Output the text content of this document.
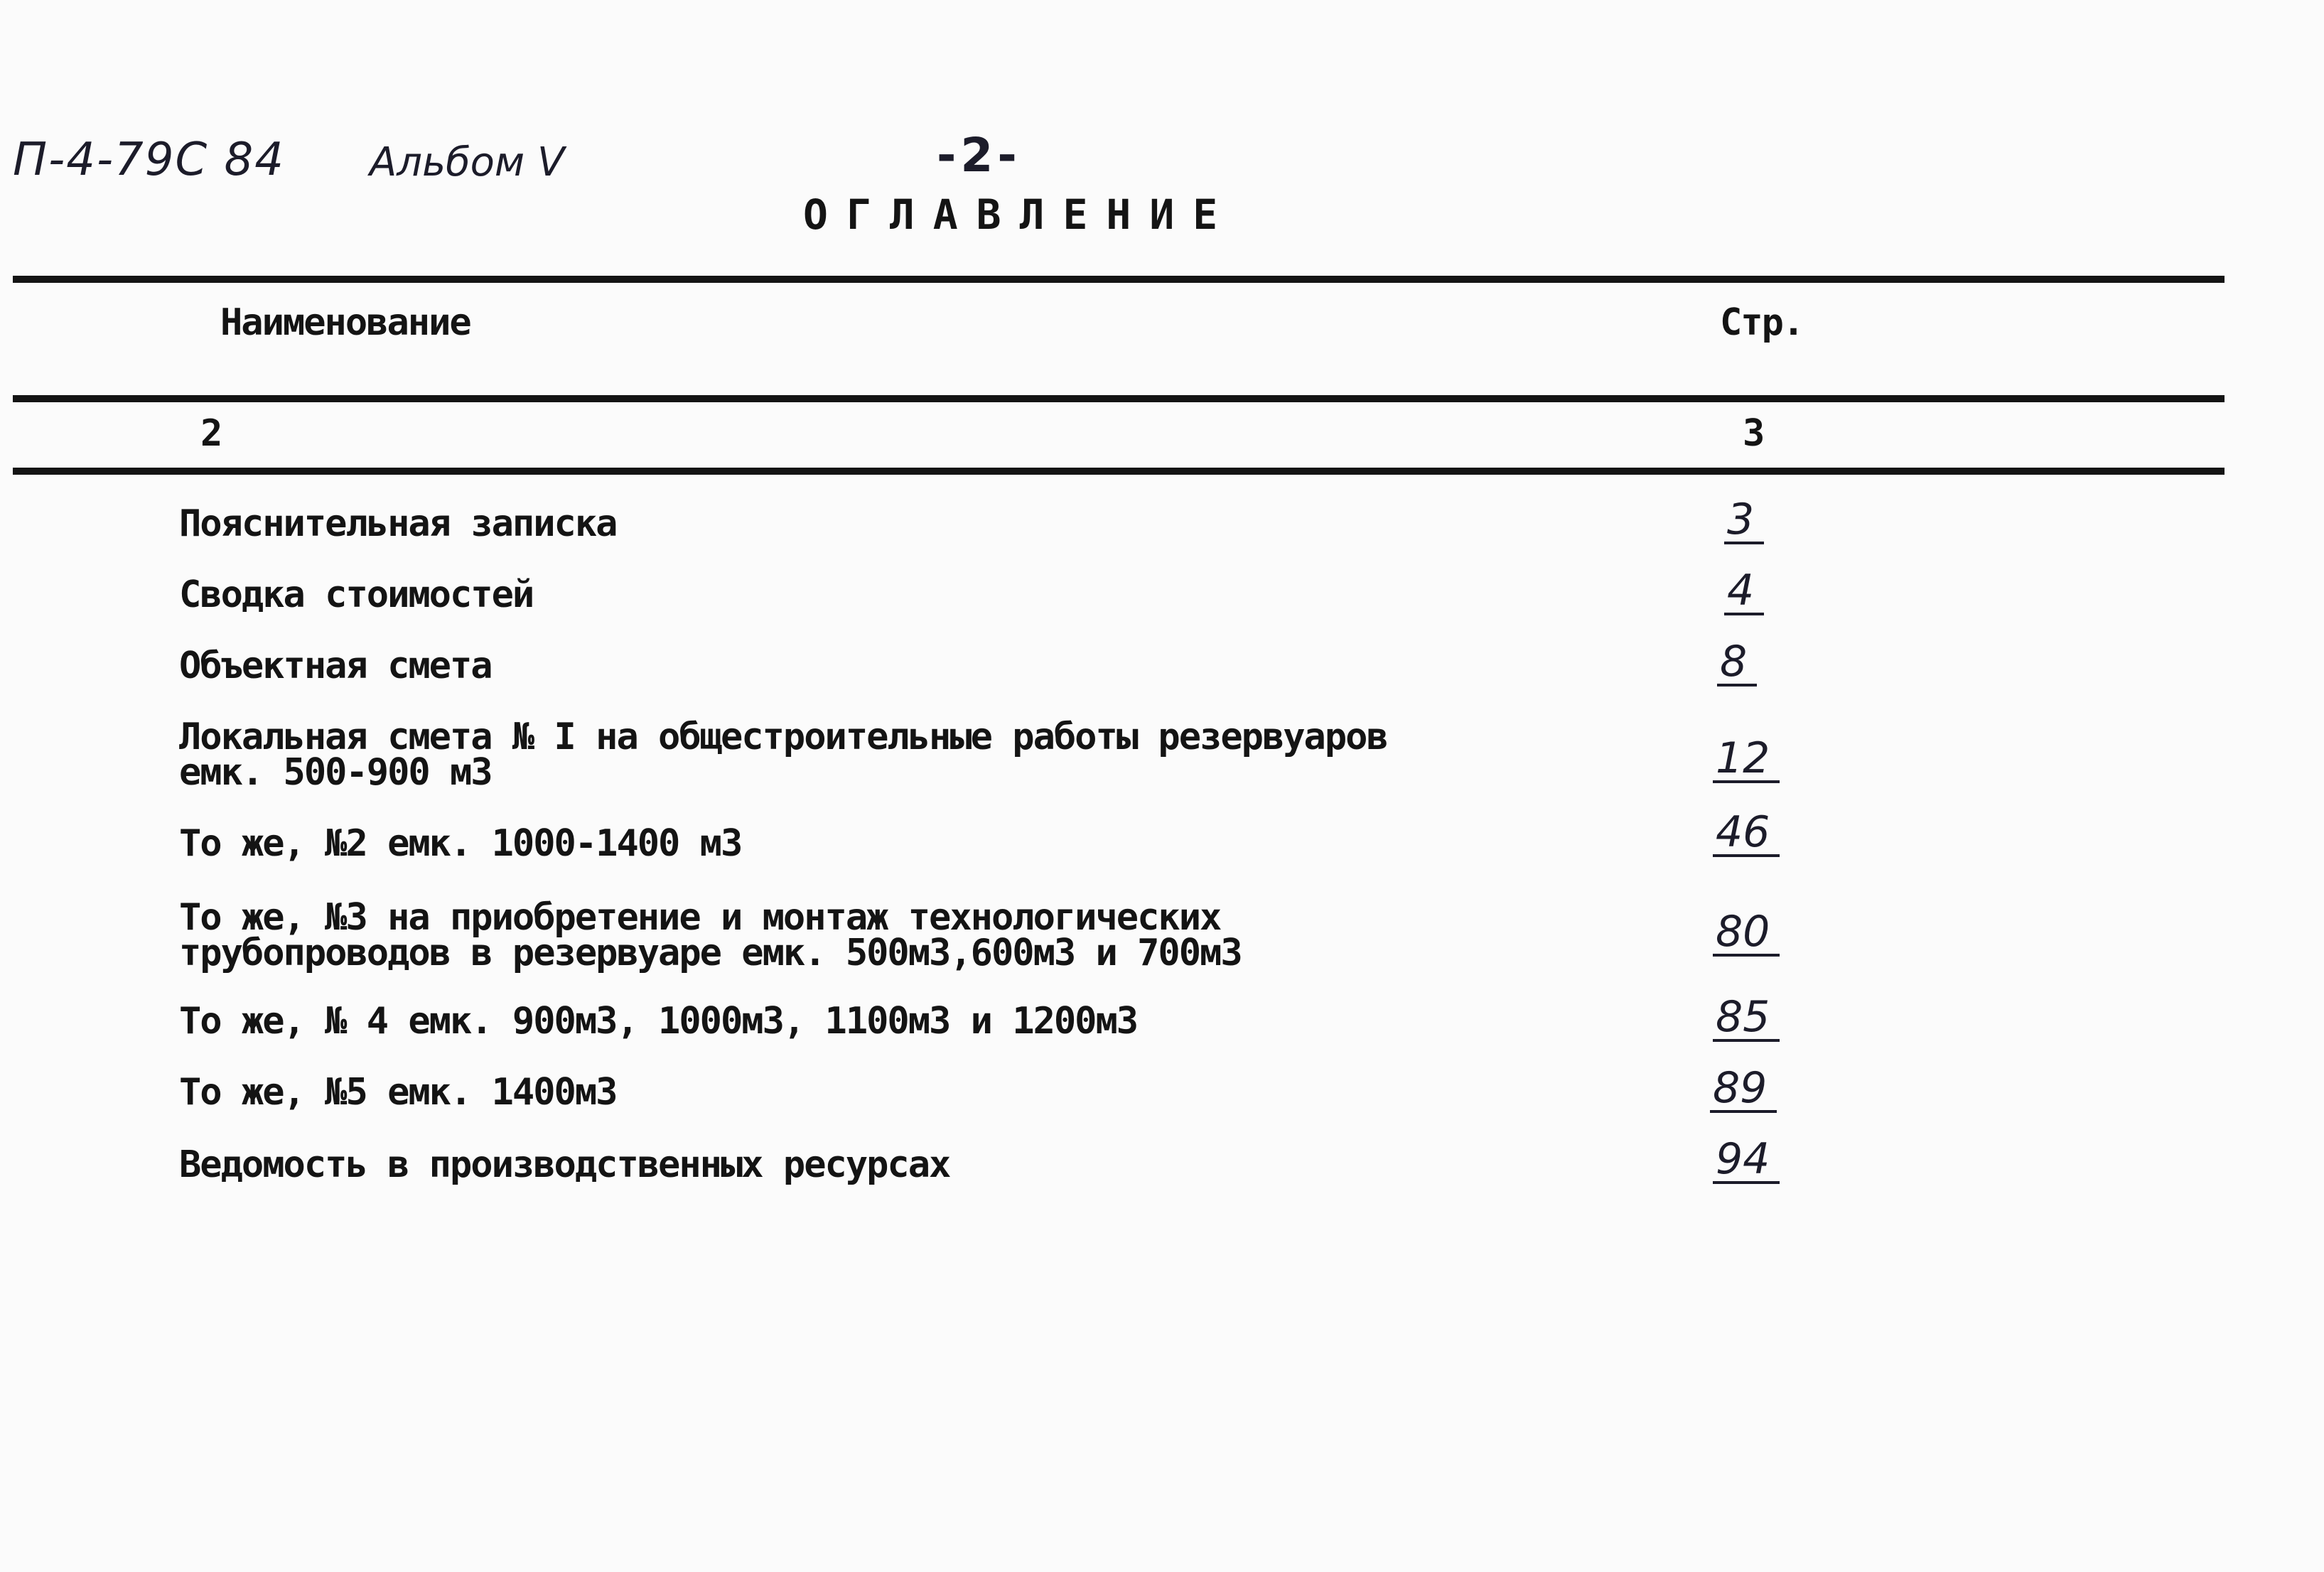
П-4-79С 84 Альбом V	-2-
ОГЛАВЛЕНИЕ
Наименование	Стр.
2	3
Пояснительная записка	3
Сводка стоимостей	4
Объектная смета	8
Локальная смета № I на общестроительные работы резервуаров
емк. 500-900 м3	12
То же, №2 емк. 1000-1400 м3	46
То же, №3 на приобретение и монтаж технологических
трубопроводов в резервуаре емк. 500м3,600м3 и 700м3	80
То же, № 4 емк. 900м3, 1000м3, 1100м3 и 1200м3	85
То же, №5 емк. 1400м3	89
Ведомость в производственных ресурсах	94
